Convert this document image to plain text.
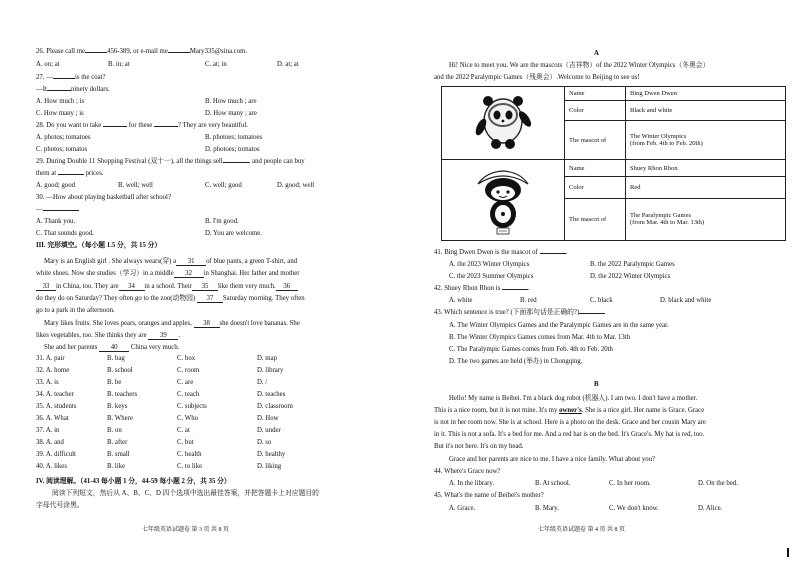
26. Please call me	456-389, or e-mail me	Mary335@sina.com.
A. on; at	B. in; at	C. at; in	D. at; at
27. —	is the coat?
—It	ninety dollars.
A. How much ; is	B. How much ; are
C. How many ; is	D. How many ; are
28. Do you want to take	for these	? They are very beautiful.
A. photos; tomatoes	B. photoes; tomatoes
C. photos; tomatos	D. photoes; tomatos
29. During Double 11 Shopping Festival (双十一), all the things sell	, and people can buy
them at	prices.
A. good; good	B. well; well	C. well; good	D. good; well
30. —How about playing basketball after school?
—
A. Thank you.	B. I'm good.
C. That sounds good.	D. You are welcome.
III. 完形填空。（每小题 1.5 分，共 15 分）
Mary is an English girl . She always wears(穿) a 31 of blue pants, a green T-shirt, and
white shoes. Now she studies（学习）in a middle 32 in Shanghai. Her father and mother
33 in China, too. They are 34 in a school. Their 35 like them very much. 36
do they do on Saturday? They often go to the zoo(动物园) 37 Saturday morning. They often
go to a park in the afternoon.
Mary likes fruits. She loves pears, oranges and apples, 38 she doesn't love bananas. She
likes vegetables, too. She thinks they are 39 .
She and her parents 40 China very much.
31. A. pair	B. bag	C. box	D. map
32. A. home	B. school	C. room	D. library
33. A. is	B. be	C. are	D. /
34. A. teacher	B. teachers	C. teach	D. teaches
35. A. students	B. keys	C. subjects	D. classroom
36. A. What	B. Where	C. Who	D. How
37. A. in	B. on	C. at	D. under
38. A. and	B. after	C. but	D. so
39. A. difficult	B. small	C. health	D. healthy
40. A. likes	B. like	C. to like	D. liking
IV. 阅读理解。（41-43 每小题 1 分，44-59 每小题 2 分，共 35 分）
阅读下列短文，然后从 A、B、C、D 四个选项中选出最佳答案，并把答题卡上对应题目的
字母代号涂黑。
七年级英语试题卷 第 3 页 共 8 页
A
Hi! Nice to meet you. We are the mascots（吉祥物）of the 2022 Winter Olympics（冬奥会）
and the 2022 Paralympic Games（残奥会）.Welcome to Beijing to see us!
	Name	Bing Dwen Dwen
	Color	Black and white
	The mascot of	The Winter Olympics
(from Feb. 4th to Feb. 20th)

	Name	Shuey Rhon Rhon
	Color	Red
	The mascot of	The Paralympic Games
(from Mar. 4th to Mar. 13th)
41. Bing Dwen Dwen is the mascot of	.
A. the 2023 Winter Olympics	B. the 2022 Paralympic Games
C. the 2023 Summer Olympics	D. the 2022 Winter Olympics
42. Shuey Rhon Rhon is	.
A. white	B. red	C. black	D. black and white
43. Which sentence is true? (下面那句话是正确的?)
A. The Winter Olympics Games and the Paralympic Games are in the same year.
B. The Winter Olympics Games comes from Mar. 4th to Mar. 13th
C. The Paralympic Games comes from Feb. 4th to Feb. 20th
D. The two games are held (举办) in Chongqing.
B
Hello! My name is Beibei. I'm a black dog robot (机器人). I am two. I don't have a mother.
This is a nice room, but it is not mine. It's my owner's. She is a nice girl. Her name is Grace. Grace
is not in her room now. She is at school. Here is a photo on the desk. Grace and her cousin Mary are
in it. This is not a sofa. It's a bed for me. And a red hat is on the bed. It's Grace's. My hat is red, too.
But it's not here. It's on my head.
Grace and her parents are nice to me. I have a nice family. What about you?
44. Where's Grace now?
A. In the library.	B. At school.	C. In her room.	D. On the bed.
45. What's the name of Beibei's mother?
A. Grace.	B. Mary.	C. We don't know.	D. Alice.
七年级英语试题卷 第 4 页 共 8 页
